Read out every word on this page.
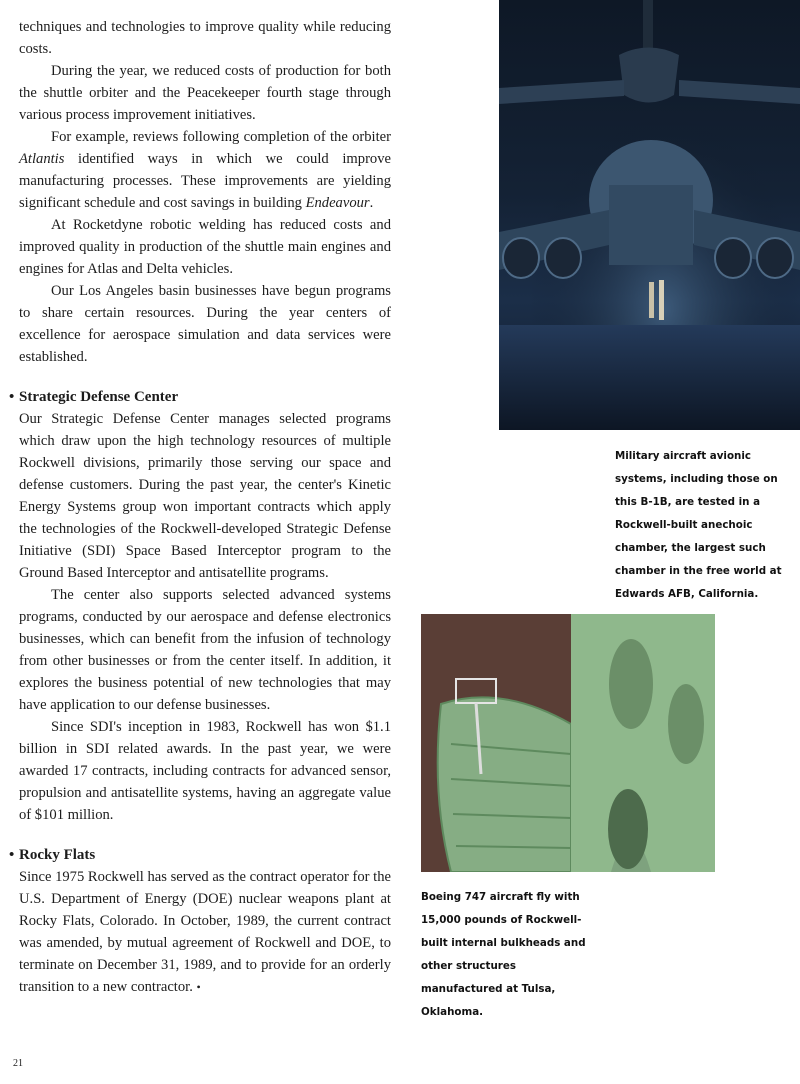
techniques and technologies to improve quality while reducing costs.

During the year, we reduced costs of production for both the shuttle orbiter and the Peacekeeper fourth stage through various process improvement initiatives.

For example, reviews following completion of the orbiter Atlantis identified ways in which we could improve manufacturing processes. These improvements are yielding significant schedule and cost savings in building Endeavour.

At Rocketdyne robotic welding has reduced costs and improved quality in production of the shuttle main engines and engines for Atlas and Delta vehicles.

Our Los Angeles basin businesses have begun programs to share certain resources. During the year centers of excellence for aerospace simulation and data services were established.

• Strategic Defense Center

Our Strategic Defense Center manages selected programs which draw upon the high technology resources of multiple Rockwell divisions, primarily those serving our space and defense customers. During the past year, the center's Kinetic Energy Systems group won important contracts which apply the technologies of the Rockwell-developed Strategic Defense Initiative (SDI) Space Based Interceptor program to the Ground Based Interceptor and antisatellite programs.

The center also supports selected advanced systems programs, conducted by our aerospace and defense electronics businesses, which can benefit from the infusion of technology from other businesses or from the center itself. In addition, it explores the business potential of new technologies that may have application to our defense businesses.

Since SDI's inception in 1983, Rockwell has won $1.1 billion in SDI related awards. In the past year, we were awarded 17 contracts, including contracts for advanced sensor, propulsion and antisatellite systems, having an aggregate value of $101 million.

• Rocky Flats

Since 1975 Rockwell has served as the contract operator for the U.S. Department of Energy (DOE) nuclear weapons plant at Rocky Flats, Colorado. In October, 1989, the current contract was amended, by mutual agreement of Rockwell and DOE, to terminate on December 31, 1989, and to provide for an orderly transition to a new contractor. •

Military aircraft avionic systems, including those on this B-1B, are tested in a Rockwell-built anechoic chamber, the largest such chamber in the free world at Edwards AFB, California.
Boeing 747 aircraft fly with 15,000 pounds of Rockwell-built internal bulkheads and other structures manufactured at Tulsa, Oklahoma.
21
